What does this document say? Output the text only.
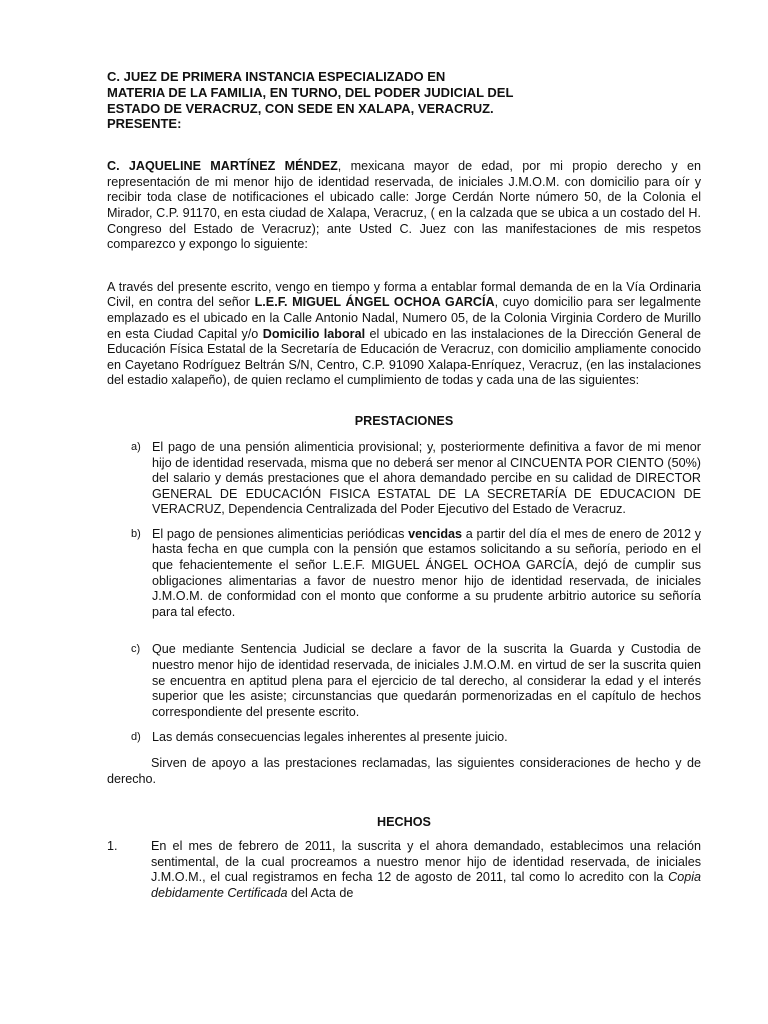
C. JUEZ DE PRIMERA INSTANCIA ESPECIALIZADO EN
MATERIA DE LA FAMILIA, EN TURNO, DEL PODER JUDICIAL DEL
ESTADO DE VERACRUZ, CON SEDE EN XALAPA, VERACRUZ.
PRESENTE:

C. JAQUELINE MARTÍNEZ MÉNDEZ, mexicana mayor de edad, por mi propio derecho y en representación de mi menor hijo de identidad reservada, de iniciales J.M.O.M. con domicilio para oír y recibir toda clase de notificaciones el ubicado calle: Jorge Cerdán Norte número 50, de la Colonia el Mirador, C.P. 91170, en esta ciudad de Xalapa, Veracruz, ( en la calzada que se ubica a un costado del H. Congreso del Estado de Veracruz); ante Usted C. Juez con las manifestaciones de mis respetos comparezco y expongo lo siguiente:

A través del presente escrito, vengo en tiempo y forma a entablar formal demanda de en la Vía Ordinaria Civil, en contra del señor L.E.F. MIGUEL ÁNGEL OCHOA GARCÍA, cuyo domicilio para ser legalmente emplazado es el ubicado en la Calle Antonio Nadal, Numero 05, de la Colonia Virginia Cordero de Murillo en esta Ciudad Capital y/o Domicilio laboral el ubicado en las instalaciones de la Dirección General de Educación Física Estatal de la Secretaría de Educación de Veracruz, con domicilio ampliamente conocido en Cayetano Rodríguez Beltrán S/N, Centro, C.P. 91090 Xalapa-Enríquez, Veracruz, (en las instalaciones del estadio xalapeño), de quien reclamo el cumplimiento de todas y cada una de las siguientes:

PRESTACIONES
a) El pago de una pensión alimenticia provisional; y, posteriormente definitiva a favor de mi menor hijo de identidad reservada, misma que no deberá ser menor al CINCUENTA POR CIENTO (50%) del salario y demás prestaciones que el ahora demandado percibe en su calidad de DIRECTOR GENERAL DE EDUCACIÓN FISICA ESTATAL DE LA SECRETARÍA DE EDUCACION DE VERACRUZ, Dependencia Centralizada del Poder Ejecutivo del Estado de Veracruz.

b) El pago de pensiones alimenticias periódicas vencidas a partir del día el mes de enero de 2012 y hasta fecha en que cumpla con la pensión que estamos solicitando a su señoría, periodo en el que fehacientemente el señor L.E.F. MIGUEL ÁNGEL OCHOA GARCÍA, dejó de cumplir sus obligaciones alimentarias a favor de nuestro menor hijo de identidad reservada, de iniciales J.M.O.M. de conformidad con el monto que conforme a su prudente arbitrio autorice su señoría para tal efecto.

c) Que mediante Sentencia Judicial se declare a favor de la suscrita la Guarda y Custodia de nuestro menor hijo de identidad reservada, de iniciales J.M.O.M. en virtud de ser la suscrita quien se encuentra en aptitud plena para el ejercicio de tal derecho, al considerar la edad y el interés superior que les asiste; circunstancias que quedarán pormenorizadas en el capítulo de hechos correspondiente del presente escrito.

d) Las demás consecuencias legales inherentes al presente juicio.

Sirven de apoyo a las prestaciones reclamadas, las siguientes consideraciones de hecho y de derecho.

HECHOS
1.	En el mes de febrero de 2011, la suscrita y el ahora demandado, establecimos una relación sentimental, de la cual procreamos a nuestro menor hijo de identidad reservada, de iniciales J.M.O.M., el cual registramos en fecha 12 de agosto de 2011, tal como lo acredito con la Copia debidamente Certificada del Acta de
